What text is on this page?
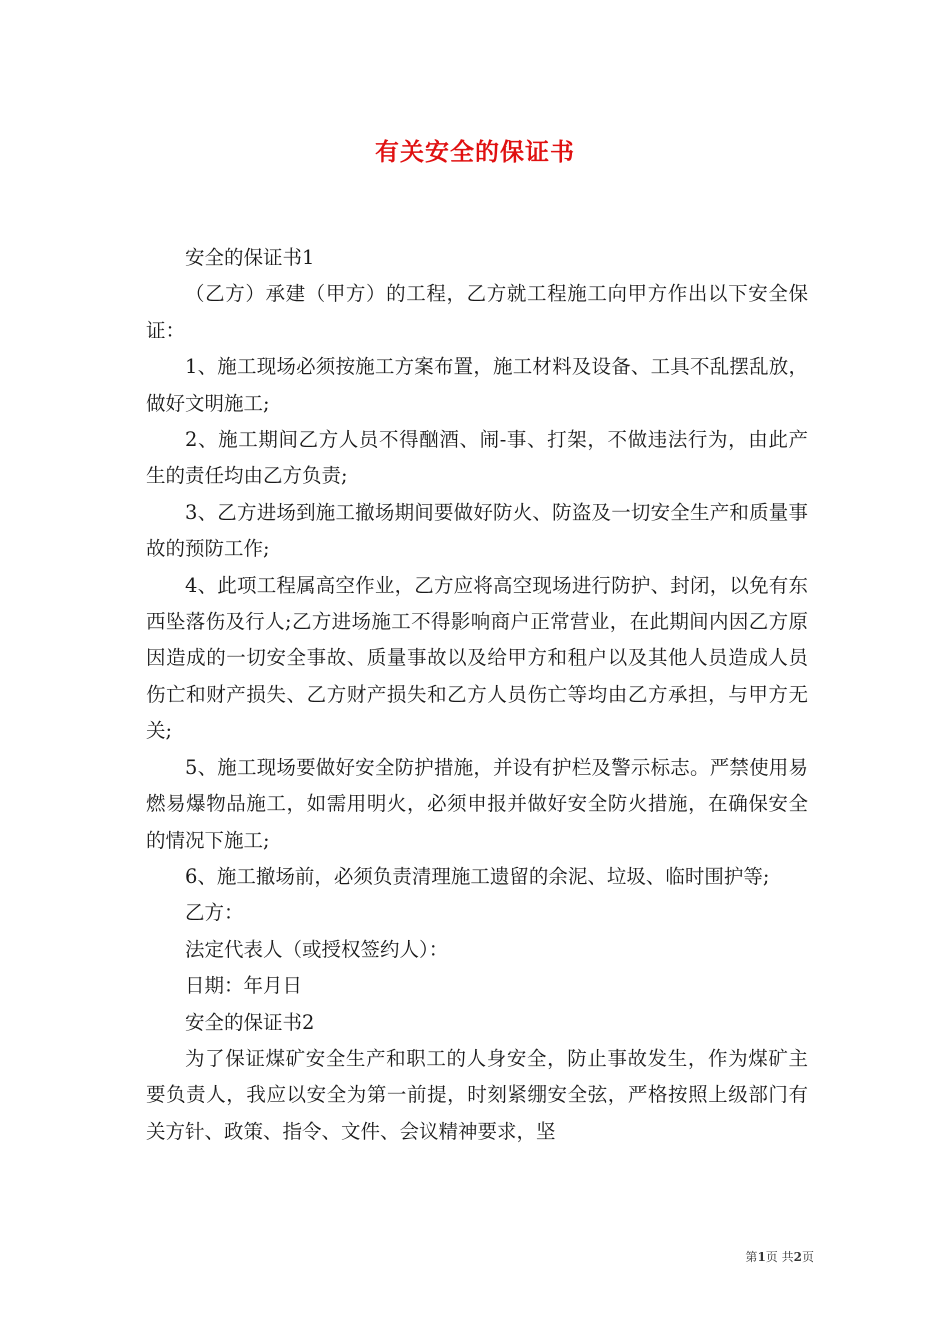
有关安全的保证书

安全的保证书1

（乙方）承建（甲方）的工程，乙方就工程施工向甲方作出以下安全保证：

1、施工现场必须按施工方案布置，施工材料及设备、工具不乱摆乱放，做好文明施工;

2、施工期间乙方人员不得酗酒、闹-事、打架，不做违法行为，由此产生的责任均由乙方负责;

3、乙方进场到施工撤场期间要做好防火、防盗及一切安全生产和质量事故的预防工作;

4、此项工程属高空作业，乙方应将高空现场进行防护、封闭，以免有东西坠落伤及行人;乙方进场施工不得影响商户正常营业，在此期间内因乙方原因造成的一切安全事故、质量事故以及给甲方和租户以及其他人员造成人员伤亡和财产损失、乙方财产损失和乙方人员伤亡等均由乙方承担，与甲方无关;

5、施工现场要做好安全防护措施，并设有护栏及警示标志。严禁使用易燃易爆物品施工，如需用明火，必须申报并做好安全防火措施，在确保安全的情况下施工;

6、施工撤场前，必须负责清理施工遗留的余泥、垃圾、临时围护等;

乙方：

法定代表人（或授权签约人）：

日期：年月日

安全的保证书2

为了保证煤矿安全生产和职工的人身安全，防止事故发生，作为煤矿主要负责人，我应以安全为第一前提，时刻紧绷安全弦，严格按照上级部门有关方针、政策、指令、文件、会议精神要求，坚

第1页 共2页
